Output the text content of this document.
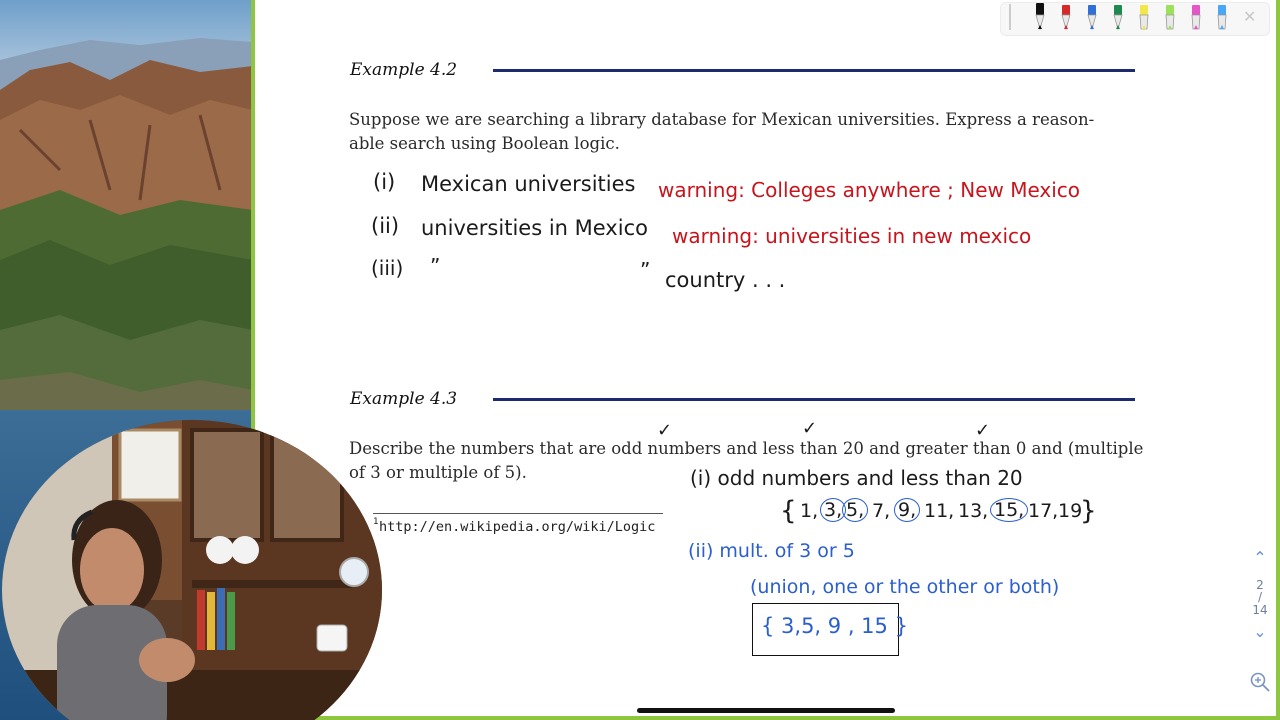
Example 4.2
Suppose we are searching a library database for Mexican universities. Express a reason-
able search using Boolean logic.
(i) Mexican universities warning: Colleges anywhere ; New Mexico
(ii) universities in Mexico warning: universities in new mexico
(iii) ”	” country . . .
Example 4.3
Describe the numbers that are odd numbers and less than 20 and greater than 0 and (multiple
of 3 or multiple of 5).
✓	✓	✓
(i) odd numbers and less than 20
{ 1, 3, 5, 7, 9, 11, 13, 15, 17, 19
}
(ii) mult. of 3 or 5
(union, one or the other or both)
{ 3,5, 9 , 15 }
1 http://en.wikipedia.org/wiki/Logic
✕
⌃
2
/
14
⌄
